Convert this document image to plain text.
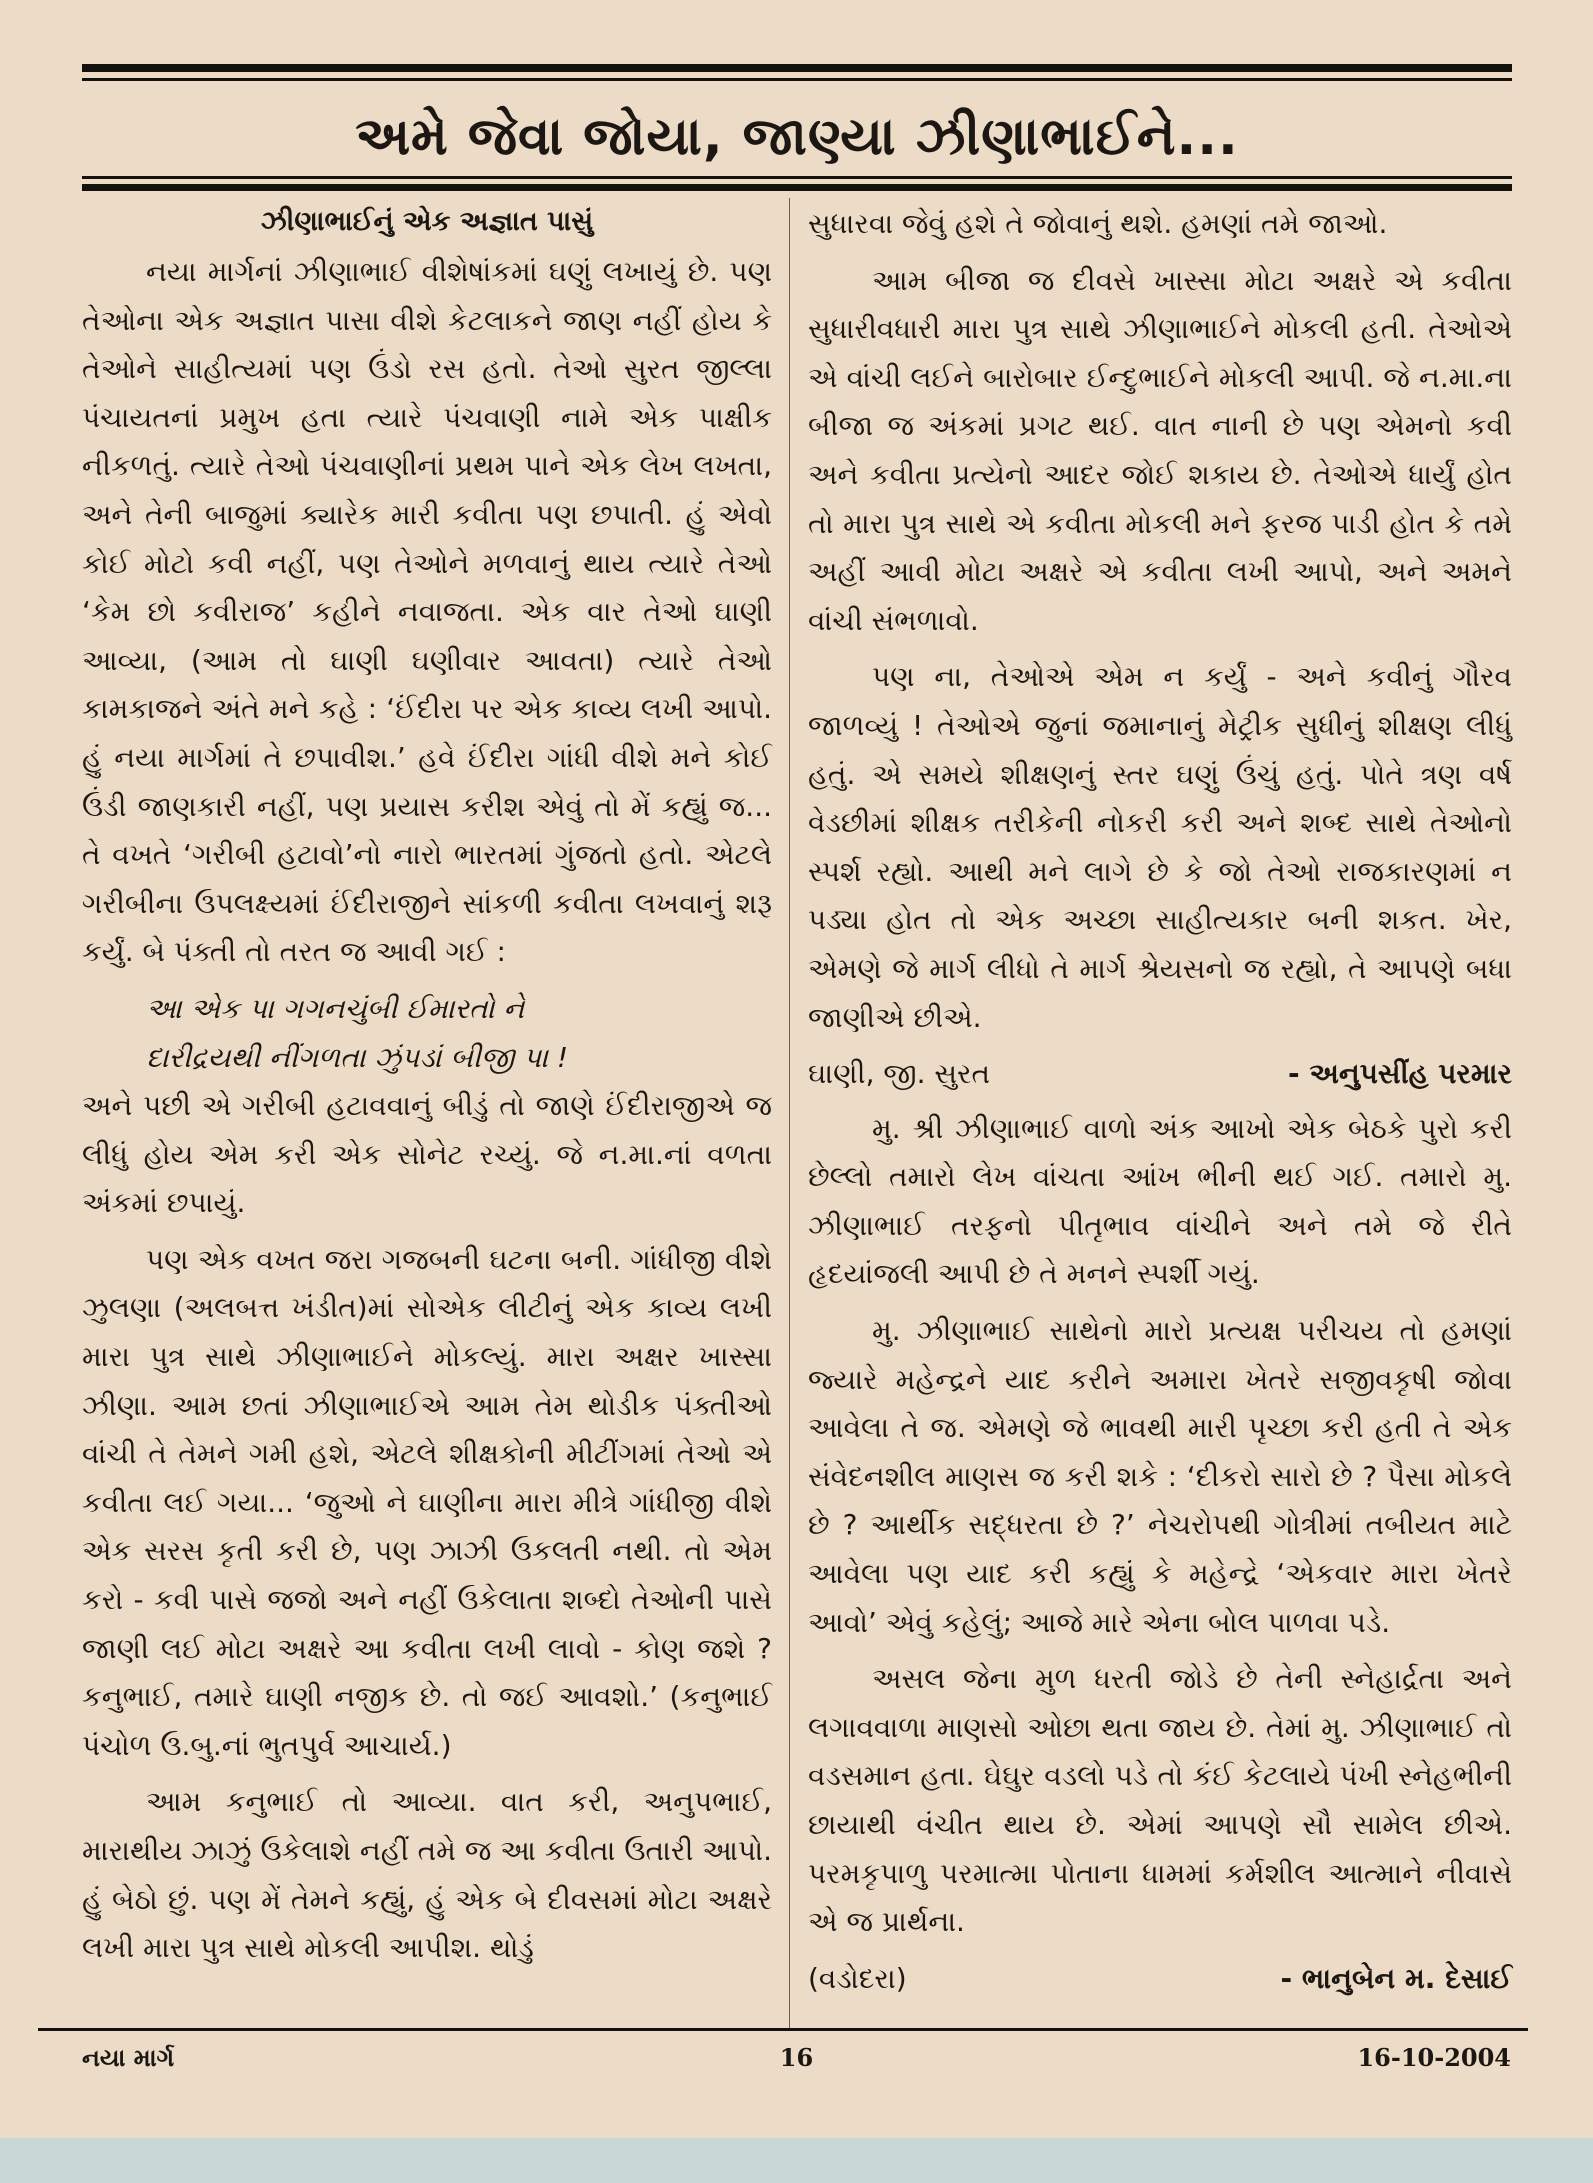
અમે જેવા જોયા, જાણ્યા ઝીણાભાઈને...
ઝીણાભાઈનું એક અજ્ઞાત પાસું

નયા માર્ગનાં ઝીણાભાઈ વીશેષાંકમાં ઘણું લખાયું છે. પણ તેઓના એક અજ્ઞાત પાસા વીશે કેટલાકને જાણ નહીં હોય કે તેઓને સાહીત્યમાં પણ ઉંડો રસ હતો. તેઓ સુરત જીલ્લા પંચાયતનાં પ્રમુખ હતા ત્યારે પંચવાણી નામે એક પાક્ષીક નીકળતું. ત્યારે તેઓ પંચવાણીનાં પ્રથમ પાને એક લેખ લખતા, અને તેની બાજુમાં ક્યારેક મારી કવીતા પણ છપાતી. હું એવો કોઈ મોટો કવી નહીં, પણ તેઓને મળવાનું થાય ત્યારે તેઓ ‘કેમ છો કવીરાજ’ કહીને નવાજતા. એક વાર તેઓ ઘાણી આવ્યા, (આમ તો ઘાણી ઘણીવાર આવતા) ત્યારે તેઓ કામકાજને અંતે મને કહે : ‘ઈંદીરા પર એક કાવ્ય લખી આપો. હું નયા માર્ગમાં તે છપાવીશ.’ હવે ઈંદીરા ગાંધી વીશે મને કોઈ ઉંડી જાણકારી નહીં, પણ પ્રયાસ કરીશ એવું તો મેં કહ્યું જ... તે વખતે ‘ગરીબી હટાવો’નો નારો ભારતમાં ગુંજતો હતો. એટલે ગરીબીના ઉપલક્ષ્યમાં ઈંદીરાજીને સાંકળી કવીતા લખવાનું શરૂ કર્યું. બે પંક્તી તો તરત જ આવી ગઈ :

આ એક પા ગગનચુંબી ઈમારતો ને

દારીદ્રયથી નીંગળતા ઝુંપડાં બીજી પા !

અને પછી એ ગરીબી હટાવવાનું બીડું તો જાણે ઈંદીરાજીએ જ લીધું હોય એમ કરી એક સોનેટ રચ્યું. જે ન.મા.નાં વળતા અંકમાં છપાયું.

પણ એક વખત જરા ગજબની ઘટના બની. ગાંધીજી વીશે ઝુલણા (અલબત્ત ખંડીત)માં સોએક લીટીનું એક કાવ્ય લખી મારા પુત્ર સાથે ઝીણાભાઈને મોકલ્યું. મારા અક્ષર ખાસ્સા ઝીણા. આમ છતાં ઝીણાભાઈએ આમ તેમ થોડીક પંક્તીઓ વાંચી તે તેમને ગમી હશે, એટલે શીક્ષકોની મીટીંગમાં તેઓ એ કવીતા લઈ ગયા... ‘જુઓ ને ઘાણીના મારા મીત્રે ગાંધીજી વીશે એક સરસ કૃતી કરી છે, પણ ઝાઝી ઉકલતી નથી. તો એમ કરો - કવી પાસે જજો અને નહીં ઉકેલાતા શબ્દો તેઓની પાસે જાણી લઈ મોટા અક્ષરે આ કવીતા લખી લાવો - કોણ જશે ? કનુભાઈ, તમારે ઘાણી નજીક છે. તો જઈ આવશો.’ (કનુભાઈ પંચોળ ઉ.બુ.નાં ભુતપુર્વ આચાર્ય.)

આમ કનુભાઈ તો આવ્યા. વાત કરી, અનુપભાઈ, મારાથીય ઝાઝું ઉકેલાશે નહીં તમે જ આ કવીતા ઉતારી આપો. હું બેઠો છું. પણ મેં તેમને કહ્યું, હું એક બે દીવસમાં મોટા અક્ષરે લખી મારા પુત્ર સાથે મોકલી આપીશ. થોડું

સુધારવા જેવું હશે તે જોવાનું થશે. હમણાં તમે જાઓ.

આમ બીજા જ દીવસે ખાસ્સા મોટા અક્ષરે એ કવીતા સુધારીવધારી મારા પુત્ર સાથે ઝીણાભાઈને મોકલી હતી. તેઓએ એ વાંચી લઈને બારોબાર ઈન્દુભાઈને મોકલી આપી. જે ન.મા.ના બીજા જ અંકમાં પ્રગટ થઈ. વાત નાની છે પણ એમનો કવી અને કવીતા પ્રત્યેનો આદર જોઈ શકાય છે. તેઓએ ધાર્યું હોત તો મારા પુત્ર સાથે એ કવીતા મોકલી મને ફરજ પાડી હોત કે તમે અહીં આવી મોટા અક્ષરે એ કવીતા લખી આપો, અને અમને વાંચી સંભળાવો.

પણ ના, તેઓએ એમ ન કર્યું - અને કવીનું ગૌરવ જાળવ્યું ! તેઓએ જુનાં જમાનાનું મેટ્રીક સુધીનું શીક્ષણ લીધું હતું. એ સમયે શીક્ષણનું સ્તર ઘણું ઉંચું હતું. પોતે ત્રણ વર્ષ વેડછીમાં શીક્ષક તરીકેની નોકરી કરી અને શબ્દ સાથે તેઓનો સ્પર્શ રહ્યો. આથી મને લાગે છે કે જો તેઓ રાજકારણમાં ન પડ્યા હોત તો એક અચ્છા સાહીત્યકાર બની શકત. ખેર, એમણે જે માર્ગ લીધો તે માર્ગ શ્રેયસનો જ રહ્યો, તે આપણે બધા જાણીએ છીએ.

ઘાણી, જી. સુરત	- અનુપસીંહ પરમાર

મુ. શ્રી ઝીણાભાઈ વાળો અંક આખો એક બેઠકે પુરો કરી છેલ્લો તમારો લેખ વાંચતા આંખ ભીની થઈ ગઈ. તમારો મુ. ઝીણાભાઈ તરફનો પીતૃભાવ વાંચીને અને તમે જે રીતે હૃદયાંજલી આપી છે તે મનને સ્પર્શી ગયું.

મુ. ઝીણાભાઈ સાથેનો મારો પ્રત્યક્ષ પરીચય તો હમણાં જ્યારે મહેન્દ્રને યાદ કરીને અમારા ખેતરે સજીવકૃષી જોવા આવેલા તે જ. એમણે જે ભાવથી મારી પૃચ્છા કરી હતી તે એક સંવેદનશીલ માણસ જ કરી શકે : ‘દીકરો સારો છે ? પૈસા મોકલે છે ? આર્થીક સદ્ધરતા છે ?’ નેચરોપથી ગોત્રીમાં તબીયત માટે આવેલા પણ યાદ કરી કહ્યું કે મહેન્દ્રે ‘એકવાર મારા ખેતરે આવો’ એવું કહેલું; આજે મારે એના બોલ પાળવા પડે.

અસલ જેના મુળ ધરતી જોડે છે તેની સ્નેહાર્દ્રતા અને લગાવવાળા માણસો ઓછા થતા જાય છે. તેમાં મુ. ઝીણાભાઈ તો વડસમાન હતા. ઘેઘુર વડલો પડે તો કંઈ કેટલાયે પંખી સ્નેહભીની છાયાથી વંચીત થાય છે. એમાં આપણે સૌ સામેલ છીએ. પરમકૃપાળુ પરમાત્મા પોતાના ધામમાં કર્મશીલ આત્માને નીવાસે એ જ પ્રાર્થના.

(વડોદરા)	- ભાનુબેન મ. દેસાઈ
નયા માર્ગ	16	16-10-2004
